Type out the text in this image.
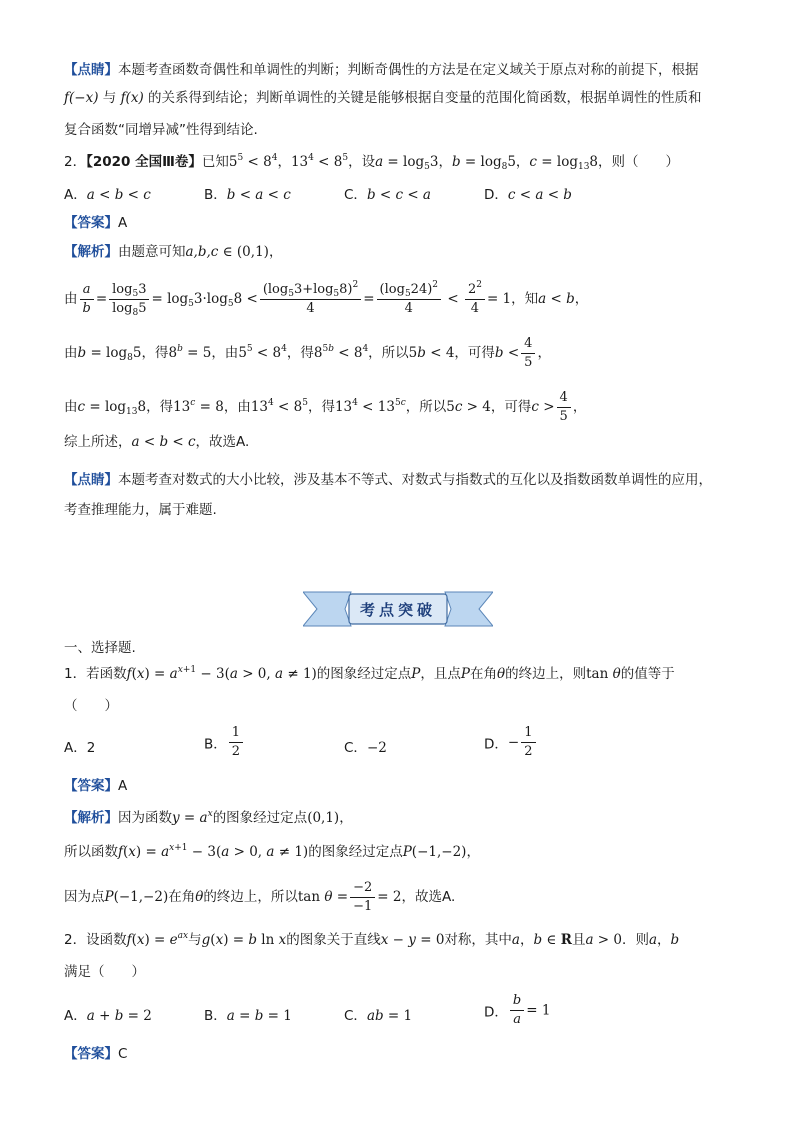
【点睛】本题考查函数奇偶性和单调性的判断；判断奇偶性的方法是在定义域关于原点对称的前提下，根据
f(−x) 与 f(x) 的关系得到结论；判断单调性的关键是能够根据自变量的范围化简函数，根据单调性的性质和
复合函数“同增异减”性得到结论.
2．【2020 全国Ⅲ卷】已知$5^5 < 8^4$，$13^4 < 8^5$，设$a = \log_53$，$b = \log_85$，$c = \log_{13}8$，则（　　）
A．a < b < c	B．b < a < c	C．b < c < a	D．c < a < b
【答案】A
【解析】由题意可知a,b,c ∈ (0,1)，
由 $\frac{a}{b} = \frac{\log_53}{\log_85} = \log_53\cdot\log_58 < \frac{(\log_53+\log_58)^2}{4} = \frac{(\log_524)^2}{4} < \frac{2^2}{4} = 1$，知a < b，
由$b = \log_85$，得$8^b = 5$，由$5^5 < 8^4$，得$8^{5b} < 8^4$，所以5b < 4，可得$b < \frac{4}{5}$ ，
由$c = \log_{13}8$，得$13^c = 8$，由$13^4 < 8^5$，得$13^4 < 13^{5c}$，所以5c > 4，可得$c > \frac{4}{5}$ ，
综上所述，a < b < c，故选A.
【点睛】本题考查对数式的大小比较，涉及基本不等式、对数式与指数式的互化以及指数函数单调性的应用，
考查推理能力，属于难题.
考点突破
一、选择题.
1．若函数$f(x) = a^{x+1} - 3(a > 0$, a ≠ 1)的图象经过定点P，且点P在角θ的终边上，则tan θ的值等于
（　　）
A．2	B． $\frac{1}{2}$	C．−2	D．− $\frac{1}{2}$
【答案】A
【解析】因为函数$y = a^x$的图象经过定点(0,1)，
所以函数$f(x) = a^{x+1} - 3(a > 0$, a ≠ 1)的图象经过定点P(−1,−2)，
因为点P(−1,−2)在角θ的终边上，所以$\tan \theta = \frac{-2}{-1} = 2$，故选A.
2．设函数$f(x) = e^{ax}$与g(x) = b ln x的图象关于直线x − y = 0对称，其中a，b ∈ R且a > 0．则a，b
满足（　　）
A．a + b = 2	B．a = b = 1	C．ab = 1	D． $\frac{b}{a} = 1$
【答案】C
